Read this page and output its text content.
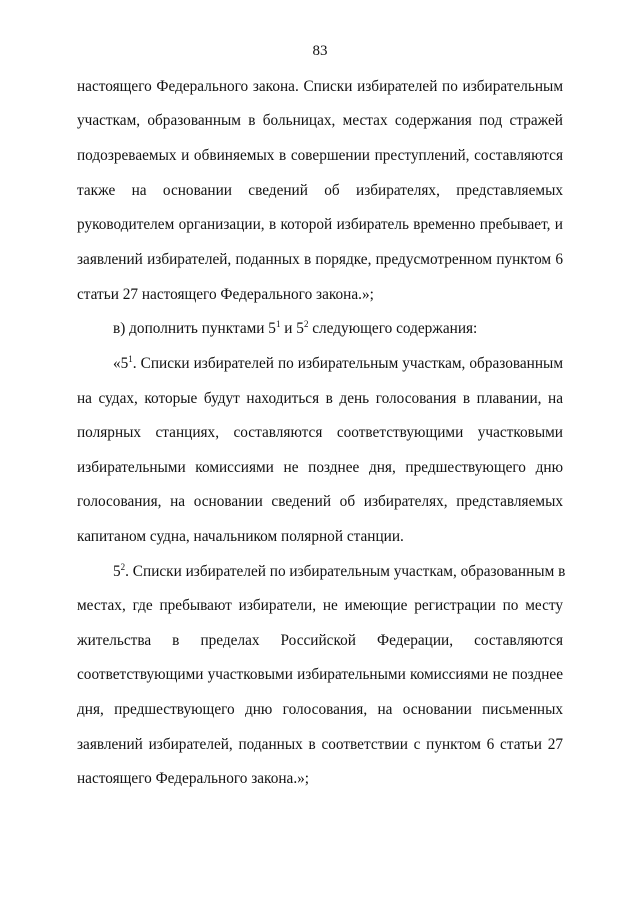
83
настоящего Федерального закона. Списки избирателей по избирательным
участкам, образованным в больницах, местах содержания под стражей
подозреваемых и обвиняемых в совершении преступлений, составляются
также на основании сведений об избирателях, представляемых
руководителем организации, в которой избиратель временно пребывает, и
заявлений избирателей, поданных в порядке, предусмотренном пунктом 6
статьи 27 настоящего Федерального закона.»;
в) дополнить пунктами $5^1$ и $5^2$ следующего содержания:
«$5^1$. Списки избирателей по избирательным участкам, образованным
на судах, которые будут находиться в день голосования в плавании, на
полярных станциях, составляются соответствующими участковыми
избирательными комиссиями не позднее дня, предшествующего дню
голосования, на основании сведений об избирателях, представляемых
капитаном судна, начальником полярной станции.
$5^2$. Списки избирателей по избирательным участкам, образованным в
местах, где пребывают избиратели, не имеющие регистрации по месту
жительства в пределах Российской Федерации, составляются
соответствующими участковыми избирательными комиссиями не позднее
дня, предшествующего дню голосования, на основании письменных
заявлений избирателей, поданных в соответствии с пунктом 6 статьи 27
настоящего Федерального закона.»;
